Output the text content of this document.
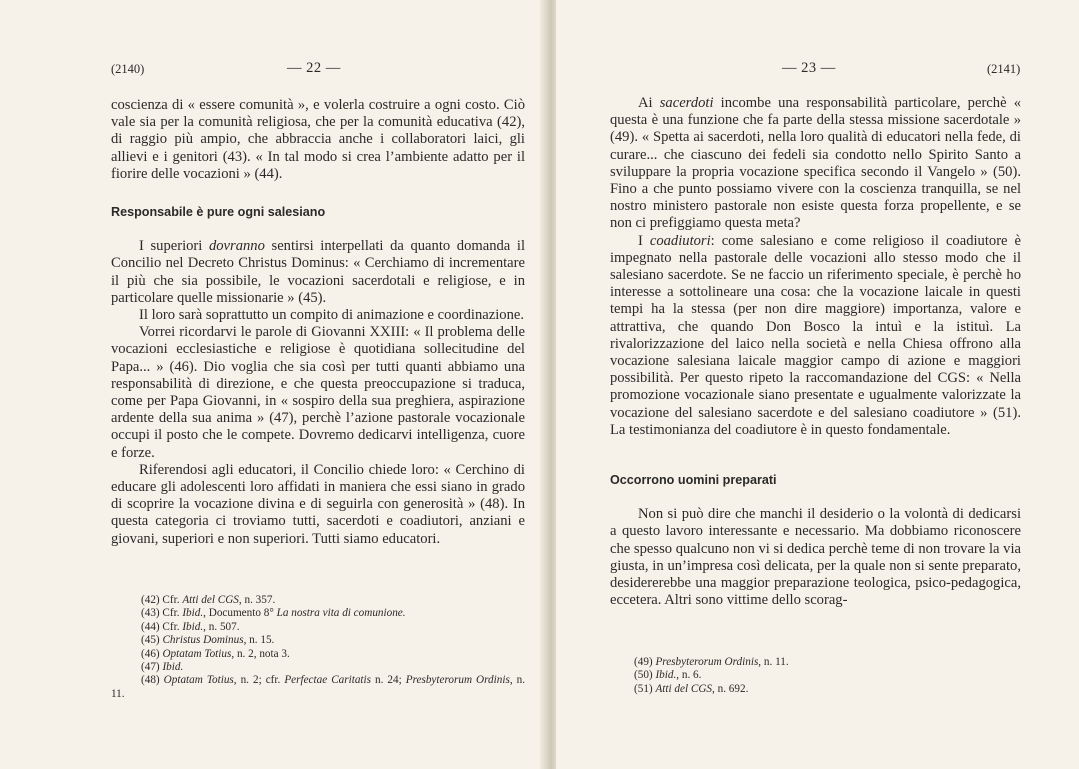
(2140)	— 22 —

coscienza di « essere comunità », e volerla costruire a ogni costo. Ciò vale sia per la comunità religiosa, che per la comunità educativa (42), di raggio più ampio, che abbraccia anche i collaboratori laici, gli allievi e i genitori (43). « In tal modo si crea l’ambiente adatto per il fiorire delle vocazioni » (44).

Responsabile è pure ogni salesiano

I superiori dovranno sentirsi interpellati da quanto domanda il Concilio nel Decreto Christus Dominus: « Cerchiamo di incrementare il più che sia possibile, le vocazioni sacerdotali e religiose, e in particolare quelle missionarie » (45).

Il loro sarà soprattutto un compito di animazione e coordinazione.

Vorrei ricordarvi le parole di Giovanni XXIII: « Il problema delle vocazioni ecclesiastiche e religiose è quotidiana sollecitudine del Papa... » (46). Dio voglia che sia così per tutti quanti abbiamo una responsabilità di direzione, e che questa preoccupazione si traduca, come per Papa Giovanni, in « sospiro della sua preghiera, aspirazione ardente della sua anima » (47), perchè l’azione pastorale vocazionale occupi il posto che le compete. Dovremo dedicarvi intelligenza, cuore e forze.

Riferendosi agli educatori, il Concilio chiede loro: « Cerchino di educare gli adolescenti loro affidati in maniera che essi siano in grado di scoprire la vocazione divina e di seguirla con generosità » (48). In questa categoria ci troviamo tutti, sacerdoti e coadiutori, anziani e giovani, superiori e non superiori. Tutti siamo educatori.

(42) Cfr. Atti del CGS, n. 357.
(43) Cfr. Ibid., Documento 8° La nostra vita di comunione.
(44) Cfr. Ibid., n. 507.
(45) Christus Dominus, n. 15.
(46) Optatam Totius, n. 2, nota 3.
(47) Ibid.
(48) Optatam Totius, n. 2; cfr. Perfectae Caritatis n. 24; Presbyterorum Ordinis, n. 11.
— 23 —	(2141)

Ai sacerdoti incombe una responsabilità particolare, perchè « questa è una funzione che fa parte della stessa missione sacerdotale » (49). « Spetta ai sacerdoti, nella loro qualità di educatori nella fede, di curare... che ciascuno dei fedeli sia condotto nello Spirito Santo a sviluppare la propria vocazione specifica secondo il Vangelo » (50). Fino a che punto possiamo vivere con la coscienza tranquilla, se nel nostro ministero pastorale non esiste questa forza propellente, e se non ci prefiggiamo questa meta?

I coadiutori: come salesiano e come religioso il coadiutore è impegnato nella pastorale delle vocazioni allo stesso modo che il salesiano sacerdote. Se ne faccio un riferimento speciale, è perchè ho interesse a sottolineare una cosa: che la vocazione laicale in questi tempi ha la stessa (per non dire maggiore) importanza, valore e attrattiva, che quando Don Bosco la intuì e la istituì. La rivalorizzazione del laico nella società e nella Chiesa offrono alla vocazione salesiana laicale maggior campo di azione e maggiori possibilità. Per questo ripeto la raccomandazione del CGS: « Nella promozione vocazionale siano presentate e ugualmente valorizzate la vocazione del salesiano sacerdote e del salesiano coadiutore » (51). La testimonianza del coadiutore è in questo fondamentale.

Occorrono uomini preparati

Non si può dire che manchi il desiderio o la volontà di dedicarsi a questo lavoro interessante e necessario. Ma dobbiamo riconoscere che spesso qualcuno non vi si dedica perchè teme di non trovare la via giusta, in un’impresa così delicata, per la quale non si sente preparato, desidererebbe una maggior preparazione teologica, psico-pedagogica, eccetera. Altri sono vittime dello scorag-

(49) Presbyterorum Ordinis, n. 11.
(50) Ibid., n. 6.
(51) Atti del CGS, n. 692.
